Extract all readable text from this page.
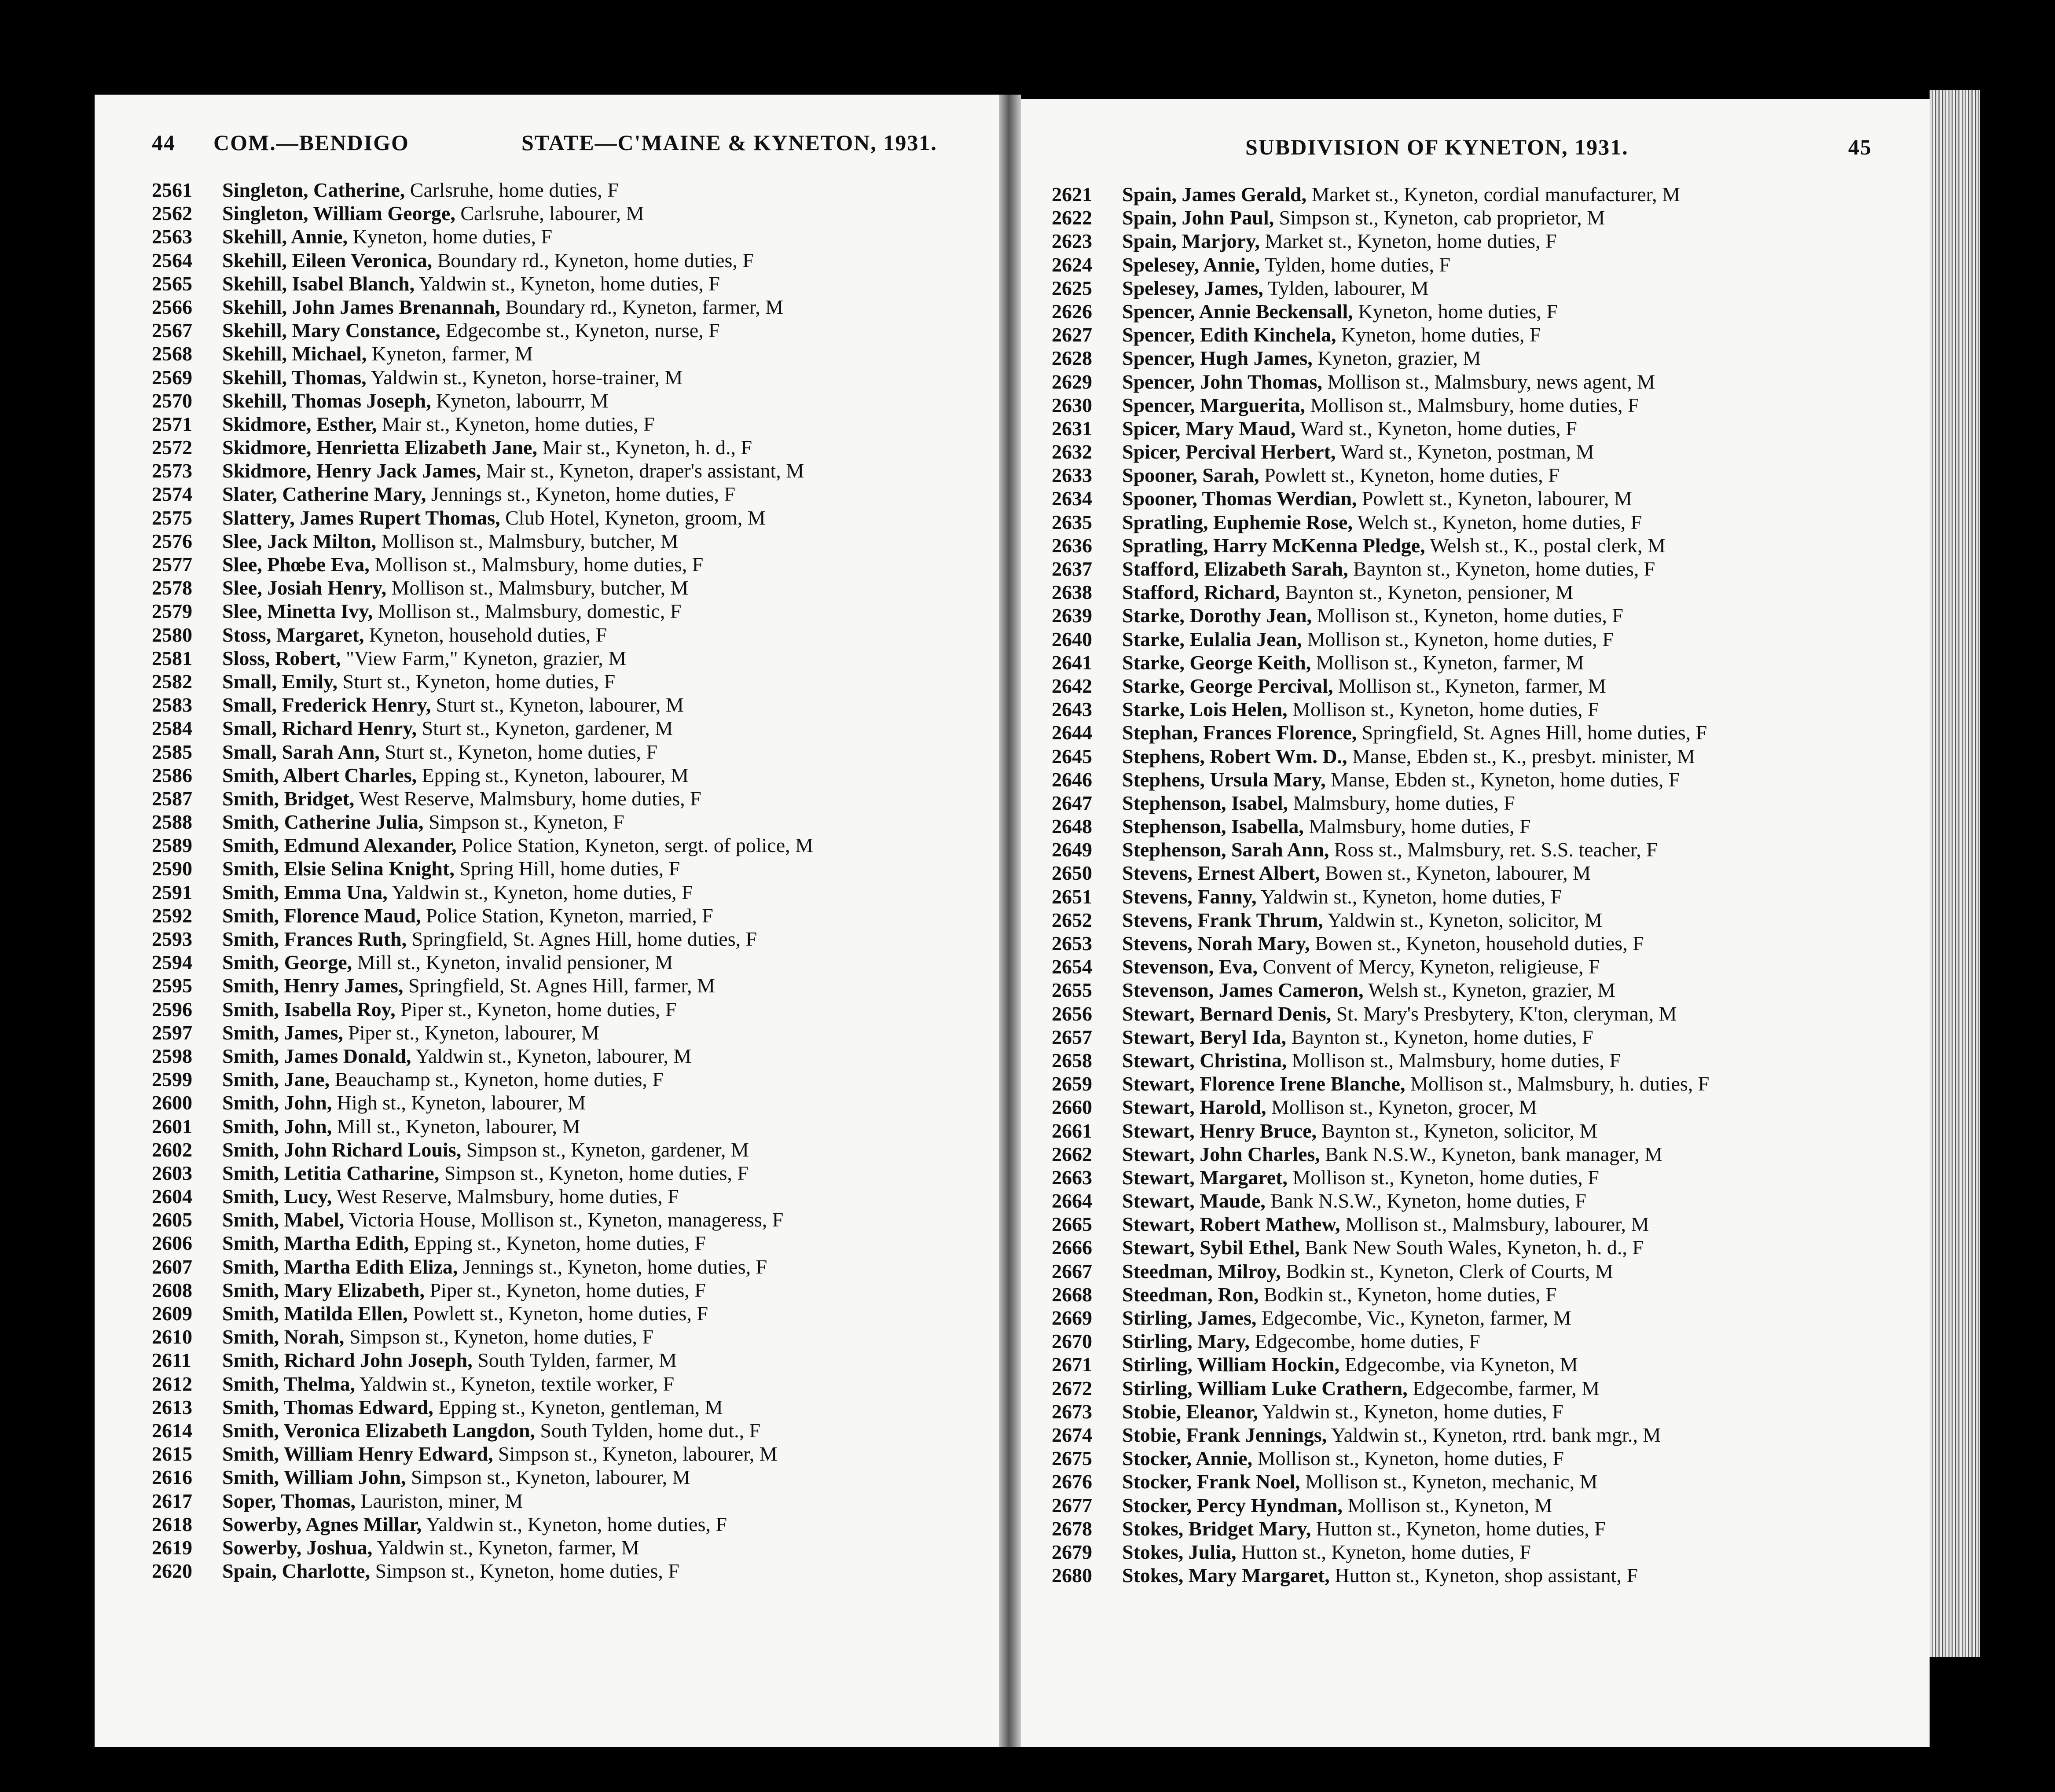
44 COM.—BENDIGO	STATE—C'MAINE & KYNETON, 1931.
2561	Singleton, Catherine, Carlsruhe, home duties, F
2562	Singleton, William George, Carlsruhe, labourer, M
2563	Skehill, Annie, Kyneton, home duties, F
2564	Skehill, Eileen Veronica, Boundary rd., Kyneton, home duties, F
2565	Skehill, Isabel Blanch, Yaldwin st., Kyneton, home duties, F
2566	Skehill, John James Brenannah, Boundary rd., Kyneton, farmer, M
2567	Skehill, Mary Constance, Edgecombe st., Kyneton, nurse, F
2568	Skehill, Michael, Kyneton, farmer, M
2569	Skehill, Thomas, Yaldwin st., Kyneton, horse-trainer, M
2570	Skehill, Thomas Joseph, Kyneton, labourrr, M
2571	Skidmore, Esther, Mair st., Kyneton, home duties, F
2572	Skidmore, Henrietta Elizabeth Jane, Mair st., Kyneton, h. d., F
2573	Skidmore, Henry Jack James, Mair st., Kyneton, draper's assistant, M
2574	Slater, Catherine Mary, Jennings st., Kyneton, home duties, F
2575	Slattery, James Rupert Thomas, Club Hotel, Kyneton, groom, M
2576	Slee, Jack Milton, Mollison st., Malmsbury, butcher, M
2577	Slee, Phœbe Eva, Mollison st., Malmsbury, home duties, F
2578	Slee, Josiah Henry, Mollison st., Malmsbury, butcher, M
2579	Slee, Minetta Ivy, Mollison st., Malmsbury, domestic, F
2580	Stoss, Margaret, Kyneton, household duties, F
2581	Sloss, Robert, "View Farm," Kyneton, grazier, M
2582	Small, Emily, Sturt st., Kyneton, home duties, F
2583	Small, Frederick Henry, Sturt st., Kyneton, labourer, M
2584	Small, Richard Henry, Sturt st., Kyneton, gardener, M
2585	Small, Sarah Ann, Sturt st., Kyneton, home duties, F
2586	Smith, Albert Charles, Epping st., Kyneton, labourer, M
2587	Smith, Bridget, West Reserve, Malmsbury, home duties, F
2588	Smith, Catherine Julia, Simpson st., Kyneton, F
2589	Smith, Edmund Alexander, Police Station, Kyneton, sergt. of police, M
2590	Smith, Elsie Selina Knight, Spring Hill, home duties, F
2591	Smith, Emma Una, Yaldwin st., Kyneton, home duties, F
2592	Smith, Florence Maud, Police Station, Kyneton, married, F
2593	Smith, Frances Ruth, Springfield, St. Agnes Hill, home duties, F
2594	Smith, George, Mill st., Kyneton, invalid pensioner, M
2595	Smith, Henry James, Springfield, St. Agnes Hill, farmer, M
2596	Smith, Isabella Roy, Piper st., Kyneton, home duties, F
2597	Smith, James, Piper st., Kyneton, labourer, M
2598	Smith, James Donald, Yaldwin st., Kyneton, labourer, M
2599	Smith, Jane, Beauchamp st., Kyneton, home duties, F
2600	Smith, John, High st., Kyneton, labourer, M
2601	Smith, John, Mill st., Kyneton, labourer, M
2602	Smith, John Richard Louis, Simpson st., Kyneton, gardener, M
2603	Smith, Letitia Catharine, Simpson st., Kyneton, home duties, F
2604	Smith, Lucy, West Reserve, Malmsbury, home duties, F
2605	Smith, Mabel, Victoria House, Mollison st., Kyneton, manageress, F
2606	Smith, Martha Edith, Epping st., Kyneton, home duties, F
2607	Smith, Martha Edith Eliza, Jennings st., Kyneton, home duties, F
2608	Smith, Mary Elizabeth, Piper st., Kyneton, home duties, F
2609	Smith, Matilda Ellen, Powlett st., Kyneton, home duties, F
2610	Smith, Norah, Simpson st., Kyneton, home duties, F
2611	Smith, Richard John Joseph, South Tylden, farmer, M
2612	Smith, Thelma, Yaldwin st., Kyneton, textile worker, F
2613	Smith, Thomas Edward, Epping st., Kyneton, gentleman, M
2614	Smith, Veronica Elizabeth Langdon, South Tylden, home dut., F
2615	Smith, William Henry Edward, Simpson st., Kyneton, labourer, M
2616	Smith, William John, Simpson st., Kyneton, labourer, M
2617	Soper, Thomas, Lauriston, miner, M
2618	Sowerby, Agnes Millar, Yaldwin st., Kyneton, home duties, F
2619	Sowerby, Joshua, Yaldwin st., Kyneton, farmer, M
2620	Spain, Charlotte, Simpson st., Kyneton, home duties, F
SUBDIVISION OF KYNETON, 1931.	45
2621	Spain, James Gerald, Market st., Kyneton, cordial manufacturer, M
2622	Spain, John Paul, Simpson st., Kyneton, cab proprietor, M
2623	Spain, Marjory, Market st., Kyneton, home duties, F
2624	Spelesey, Annie, Tylden, home duties, F
2625	Spelesey, James, Tylden, labourer, M
2626	Spencer, Annie Beckensall, Kyneton, home duties, F
2627	Spencer, Edith Kinchela, Kyneton, home duties, F
2628	Spencer, Hugh James, Kyneton, grazier, M
2629	Spencer, John Thomas, Mollison st., Malmsbury, news agent, M
2630	Spencer, Marguerita, Mollison st., Malmsbury, home duties, F
2631	Spicer, Mary Maud, Ward st., Kyneton, home duties, F
2632	Spicer, Percival Herbert, Ward st., Kyneton, postman, M
2633	Spooner, Sarah, Powlett st., Kyneton, home duties, F
2634	Spooner, Thomas Werdian, Powlett st., Kyneton, labourer, M
2635	Spratling, Euphemie Rose, Welch st., Kyneton, home duties, F
2636	Spratling, Harry McKenna Pledge, Welsh st., K., postal clerk, M
2637	Stafford, Elizabeth Sarah, Baynton st., Kyneton, home duties, F
2638	Stafford, Richard, Baynton st., Kyneton, pensioner, M
2639	Starke, Dorothy Jean, Mollison st., Kyneton, home duties, F
2640	Starke, Eulalia Jean, Mollison st., Kyneton, home duties, F
2641	Starke, George Keith, Mollison st., Kyneton, farmer, M
2642	Starke, George Percival, Mollison st., Kyneton, farmer, M
2643	Starke, Lois Helen, Mollison st., Kyneton, home duties, F
2644	Stephan, Frances Florence, Springfield, St. Agnes Hill, home duties, F
2645	Stephens, Robert Wm. D., Manse, Ebden st., K., presbyt. minister, M
2646	Stephens, Ursula Mary, Manse, Ebden st., Kyneton, home duties, F
2647	Stephenson, Isabel, Malmsbury, home duties, F
2648	Stephenson, Isabella, Malmsbury, home duties, F
2649	Stephenson, Sarah Ann, Ross st., Malmsbury, ret. S.S. teacher, F
2650	Stevens, Ernest Albert, Bowen st., Kyneton, labourer, M
2651	Stevens, Fanny, Yaldwin st., Kyneton, home duties, F
2652	Stevens, Frank Thrum, Yaldwin st., Kyneton, solicitor, M
2653	Stevens, Norah Mary, Bowen st., Kyneton, household duties, F
2654	Stevenson, Eva, Convent of Mercy, Kyneton, religieuse, F
2655	Stevenson, James Cameron, Welsh st., Kyneton, grazier, M
2656	Stewart, Bernard Denis, St. Mary's Presbytery, K'ton, cleryman, M
2657	Stewart, Beryl Ida, Baynton st., Kyneton, home duties, F
2658	Stewart, Christina, Mollison st., Malmsbury, home duties, F
2659	Stewart, Florence Irene Blanche, Mollison st., Malmsbury, h. duties, F
2660	Stewart, Harold, Mollison st., Kyneton, grocer, M
2661	Stewart, Henry Bruce, Baynton st., Kyneton, solicitor, M
2662	Stewart, John Charles, Bank N.S.W., Kyneton, bank manager, M
2663	Stewart, Margaret, Mollison st., Kyneton, home duties, F
2664	Stewart, Maude, Bank N.S.W., Kyneton, home duties, F
2665	Stewart, Robert Mathew, Mollison st., Malmsbury, labourer, M
2666	Stewart, Sybil Ethel, Bank New South Wales, Kyneton, h. d., F
2667	Steedman, Milroy, Bodkin st., Kyneton, Clerk of Courts, M
2668	Steedman, Ron, Bodkin st., Kyneton, home duties, F
2669	Stirling, James, Edgecombe, Vic., Kyneton, farmer, M
2670	Stirling, Mary, Edgecombe, home duties, F
2671	Stirling, William Hockin, Edgecombe, via Kyneton, M
2672	Stirling, William Luke Crathern, Edgecombe, farmer, M
2673	Stobie, Eleanor, Yaldwin st., Kyneton, home duties, F
2674	Stobie, Frank Jennings, Yaldwin st., Kyneton, rtrd. bank mgr., M
2675	Stocker, Annie, Mollison st., Kyneton, home duties, F
2676	Stocker, Frank Noel, Mollison st., Kyneton, mechanic, M
2677	Stocker, Percy Hyndman, Mollison st., Kyneton, M
2678	Stokes, Bridget Mary, Hutton st., Kyneton, home duties, F
2679	Stokes, Julia, Hutton st., Kyneton, home duties, F
2680	Stokes, Mary Margaret, Hutton st., Kyneton, shop assistant, F
